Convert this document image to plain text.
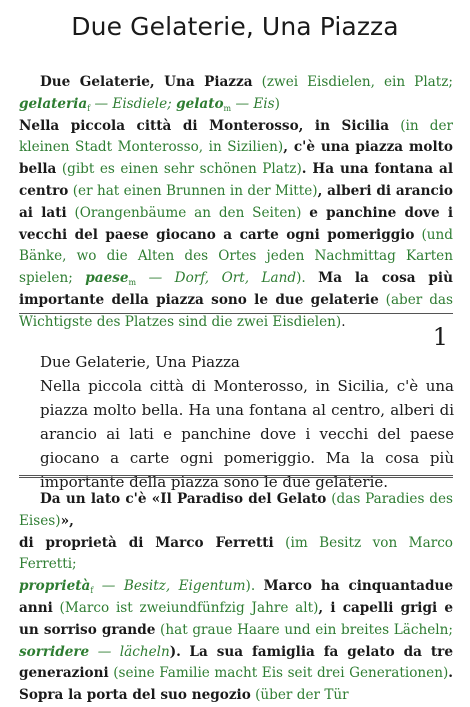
Due Gelaterie, Una Piazza

Due Gelaterie, Una Piazza (zwei Eisdielen, ein Platz; gelateria$_f$ — Eisdiele; gelato$_m$ — Eis)
Nella piccola città di Monterosso, in Sicilia (in der kleinen Stadt Monterosso, in Sizilien), c'è una piazza molto bella (gibt es einen sehr schönen Platz). Ha una fontana al centro (er hat einen Brunnen in der Mitte), alberi di arancio ai lati (Orangenbäume an den Seiten) e panchine dove i vecchi del paese giocano a carte ogni pomeriggio (und Bänke, wo die Alten des Ortes jeden Nachmittag Karten spielen; paese$_m$ — Dorf, Ort, Land). Ma la cosa più importante della piazza sono le due gelaterie (aber das Wichtigste des Platzes sind die zwei Eisdielen).

1
Due Gelaterie, Una Piazza
Nella piccola città di Monterosso, in Sicilia, c'è una piazza molto bella. Ha una fontana al centro, alberi di arancio ai lati e panchine dove i vecchi del paese giocano a carte ogni pomeriggio. Ma la cosa più importante della piazza sono le due gelaterie.

Da un lato c'è «Il Paradiso del Gelato (das Paradies des Eises)»,
di proprietà di Marco Ferretti (im Besitz von Marco Ferretti;
proprietà$_f$ — Besitz, Eigentum). Marco ha cinquantadue anni (Marco ist zweiundfünfzig Jahre alt), i capelli grigi e un sorriso grande (hat graue Haare und ein breites Lächeln; sorridere — lächeln). La sua famiglia fa gelato da tre generazioni (seine Familie macht Eis seit drei Generationen). Sopra la porta del suo negozio (über der Tür
